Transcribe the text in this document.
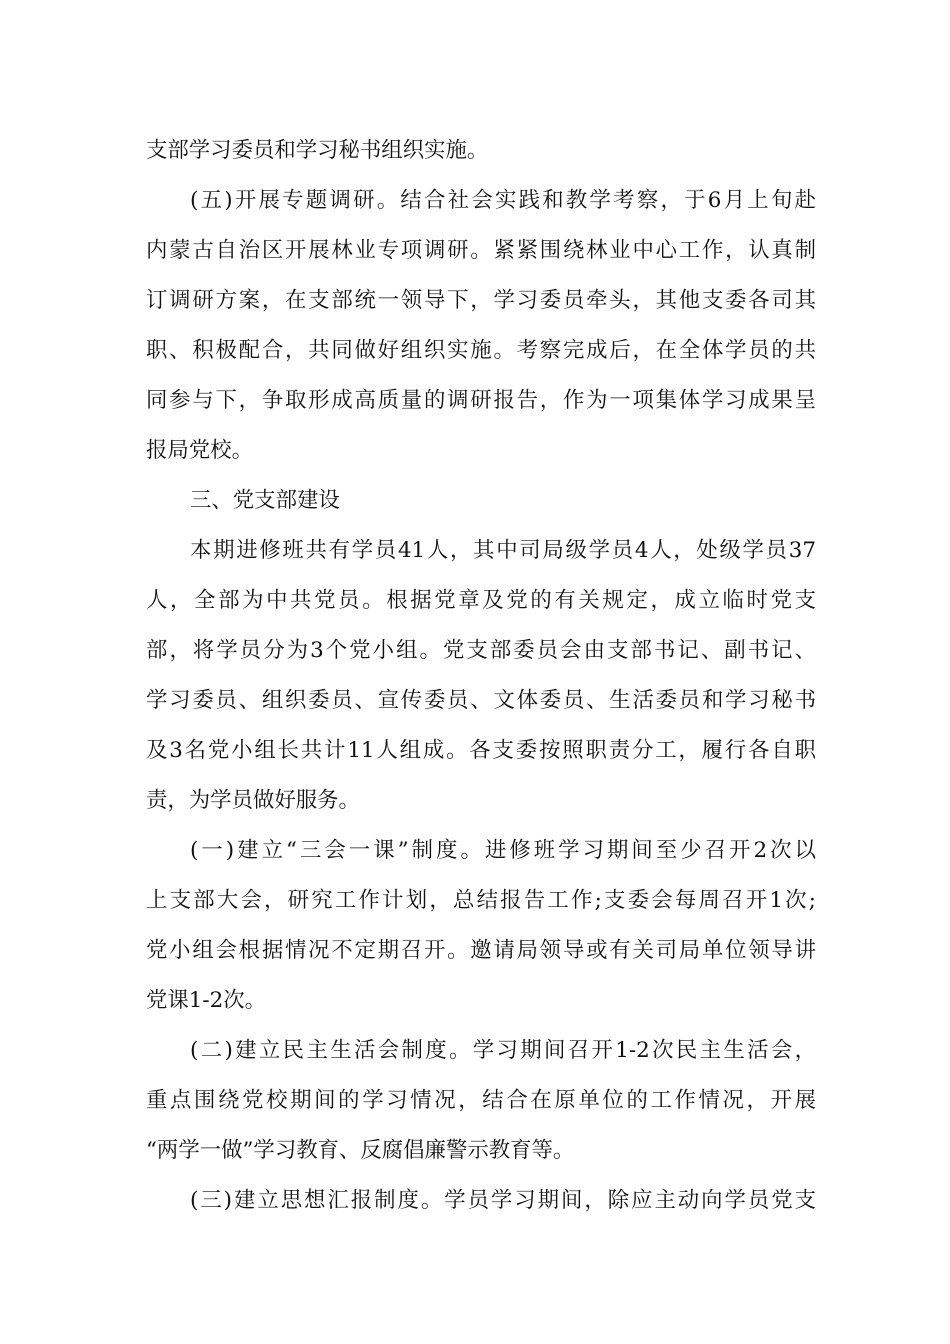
支部学习委员和学习秘书组织实施。
(五)开展专题调研。结合社会实践和教学考察，于6月上旬赴
内蒙古自治区开展林业专项调研。紧紧围绕林业中心工作，认真制
订调研方案，在支部统一领导下，学习委员牵头，其他支委各司其
职、积极配合，共同做好组织实施。考察完成后，在全体学员的共
同参与下，争取形成高质量的调研报告，作为一项集体学习成果呈
报局党校。
三、党支部建设
本期进修班共有学员41人，其中司局级学员4人，处级学员37
人，全部为中共党员。根据党章及党的有关规定，成立临时党支
部，将学员分为3个党小组。党支部委员会由支部书记、副书记、
学习委员、组织委员、宣传委员、文体委员、生活委员和学习秘书
及3名党小组长共计11人组成。各支委按照职责分工，履行各自职
责，为学员做好服务。
(一)建立“三会一课”制度。进修班学习期间至少召开2次以
上支部大会，研究工作计划，总结报告工作;支委会每周召开1次;
党小组会根据情况不定期召开。邀请局领导或有关司局单位领导讲
党课1-2次。
(二)建立民主生活会制度。学习期间召开1-2次民主生活会，
重点围绕党校期间的学习情况，结合在原单位的工作情况，开展
“两学一做”学习教育、反腐倡廉警示教育等。
(三)建立思想汇报制度。学员学习期间，除应主动向学员党支
